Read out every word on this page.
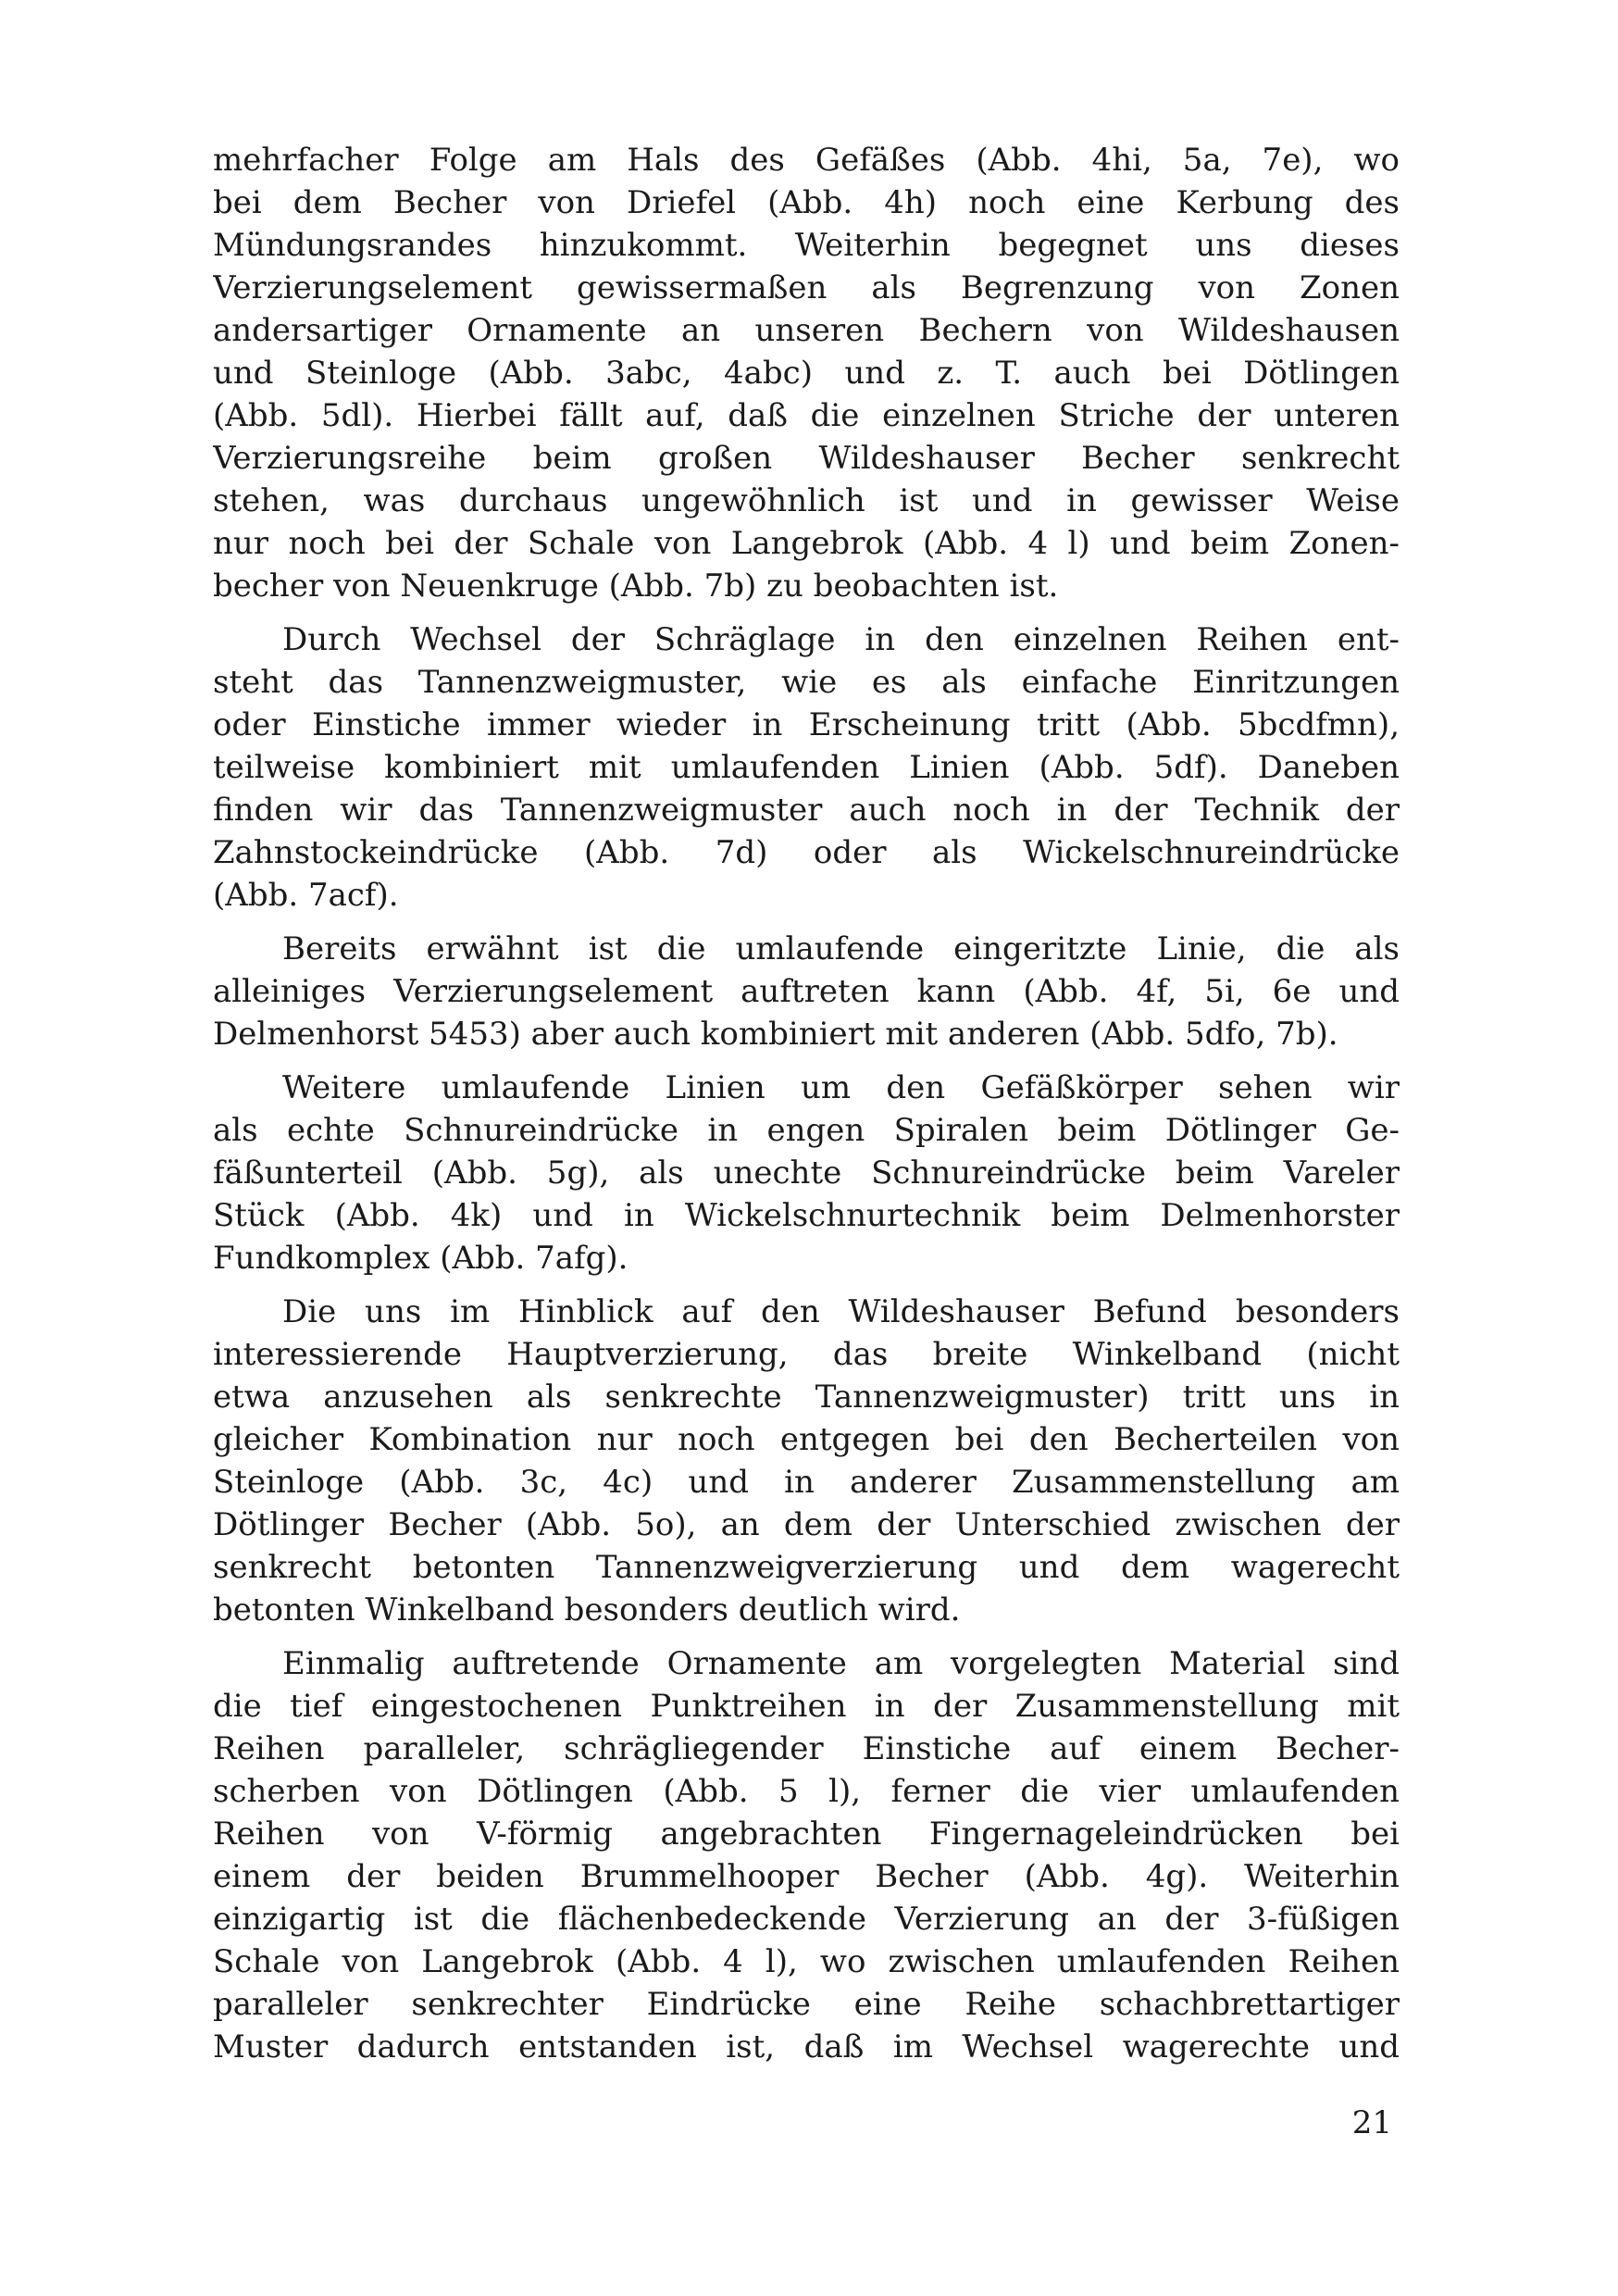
mehrfacher Folge am Hals des Gefäßes (Abb. 4hi, 5a, 7e), wo
bei dem Becher von Driefel (Abb. 4h) noch eine Kerbung des
Mündungsrandes hinzukommt. Weiterhin begegnet uns dieses
Verzierungselement gewissermaßen als Begrenzung von Zonen
andersartiger Ornamente an unseren Bechern von Wildeshausen
und Steinloge (Abb. 3abc, 4abc) und z. T. auch bei Dötlingen
(Abb. 5dl). Hierbei fällt auf, daß die einzelnen Striche der unteren
Verzierungsreihe beim großen Wildeshauser Becher senkrecht
stehen, was durchaus ungewöhnlich ist und in gewisser Weise
nur noch bei der Schale von Langebrok (Abb. 4 l) und beim Zonen-
becher von Neuenkruge (Abb. 7b) zu beobachten ist.
Durch Wechsel der Schräglage in den einzelnen Reihen ent-
steht das Tannenzweigmuster, wie es als einfache Einritzungen
oder Einstiche immer wieder in Erscheinung tritt (Abb. 5bcdfmn),
teilweise kombiniert mit umlaufenden Linien (Abb. 5df). Daneben
finden wir das Tannenzweigmuster auch noch in der Technik der
Zahnstockeindrücke (Abb. 7d) oder als Wickelschnureindrücke
(Abb. 7acf).
Bereits erwähnt ist die umlaufende eingeritzte Linie, die als
alleiniges Verzierungselement auftreten kann (Abb. 4f, 5i, 6e und
Delmenhorst 5453) aber auch kombiniert mit anderen (Abb. 5dfo, 7b).
Weitere umlaufende Linien um den Gefäßkörper sehen wir
als echte Schnureindrücke in engen Spiralen beim Dötlinger Ge-
fäßunterteil (Abb. 5g), als unechte Schnureindrücke beim Vareler
Stück (Abb. 4k) und in Wickelschnurtechnik beim Delmenhorster
Fundkomplex (Abb. 7afg).
Die uns im Hinblick auf den Wildeshauser Befund besonders
interessierende Hauptverzierung, das breite Winkelband (nicht
etwa anzusehen als senkrechte Tannenzweigmuster) tritt uns in
gleicher Kombination nur noch entgegen bei den Becherteilen von
Steinloge (Abb. 3c, 4c) und in anderer Zusammenstellung am
Dötlinger Becher (Abb. 5o), an dem der Unterschied zwischen der
senkrecht betonten Tannenzweigverzierung und dem wagerecht
betonten Winkelband besonders deutlich wird.
Einmalig auftretende Ornamente am vorgelegten Material sind
die tief eingestochenen Punktreihen in der Zusammenstellung mit
Reihen paralleler, schrägliegender Einstiche auf einem Becher-
scherben von Dötlingen (Abb. 5 l), ferner die vier umlaufenden
Reihen von V-förmig angebrachten Fingernageleindrücken bei
einem der beiden Brummelhooper Becher (Abb. 4g). Weiterhin
einzigartig ist die flächenbedeckende Verzierung an der 3-füßigen
Schale von Langebrok (Abb. 4 l), wo zwischen umlaufenden Reihen
paralleler senkrechter Eindrücke eine Reihe schachbrettartiger
Muster dadurch entstanden ist, daß im Wechsel wagerechte und
21
